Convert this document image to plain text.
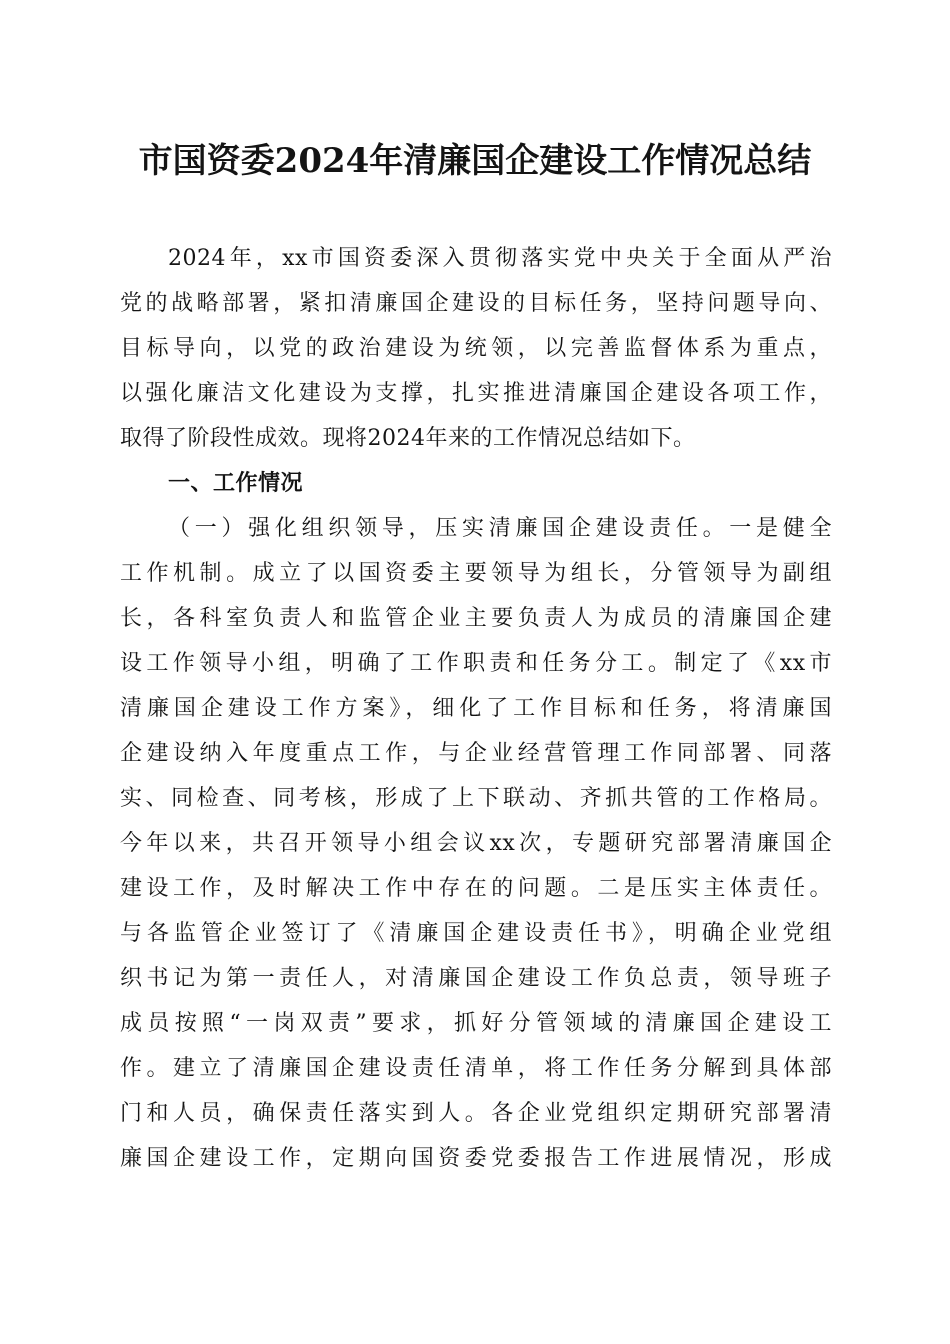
市国资委2024年清廉国企建设工作情况总结
2024年，xx市国资委深入贯彻落实党中央关于全面从严治
党的战略部署，紧扣清廉国企建设的目标任务，坚持问题导向、
目标导向，以党的政治建设为统领，以完善监督体系为重点，
以强化廉洁文化建设为支撑，扎实推进清廉国企建设各项工作，
取得了阶段性成效。现将2024年来的工作情况总结如下。
一、工作情况
（一）强化组织领导，压实清廉国企建设责任。一是健全
工作机制。成立了以国资委主要领导为组长，分管领导为副组
长，各科室负责人和监管企业主要负责人为成员的清廉国企建
设工作领导小组，明确了工作职责和任务分工。制定了《xx市
清廉国企建设工作方案》，细化了工作目标和任务，将清廉国
企建设纳入年度重点工作，与企业经营管理工作同部署、同落
实、同检查、同考核，形成了上下联动、齐抓共管的工作格局。
今年以来，共召开领导小组会议xx次，专题研究部署清廉国企
建设工作，及时解决工作中存在的问题。二是压实主体责任。
与各监管企业签订了《清廉国企建设责任书》，明确企业党组
织书记为第一责任人，对清廉国企建设工作负总责，领导班子
成员按照“一岗双责”要求，抓好分管领域的清廉国企建设工
作。建立了清廉国企建设责任清单，将工作任务分解到具体部
门和人员，确保责任落实到人。各企业党组织定期研究部署清
廉国企建设工作，定期向国资委党委报告工作进展情况，形成
